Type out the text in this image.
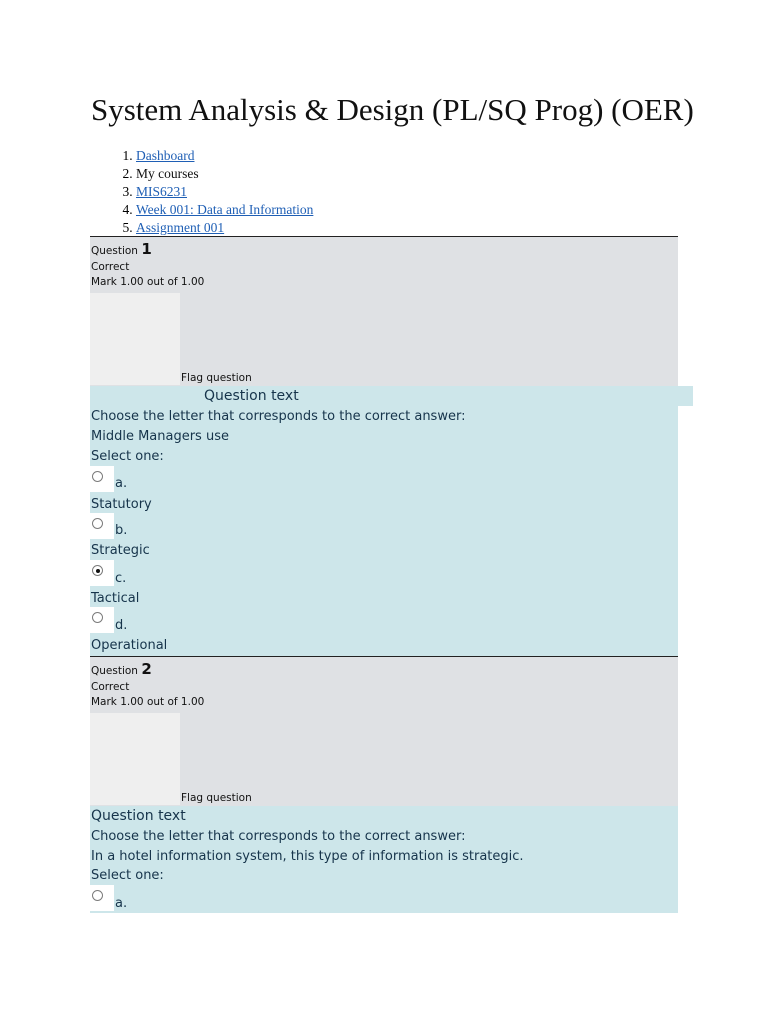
System Analysis & Design (PL/SQ Prog) (OER)
1. Dashboard
2. My courses
3. MIS6231
4. Week 001: Data and Information
5. Assignment 001
Question 1
Correct
Mark 1.00 out of 1.00
Flag question
Question text
Choose the letter that corresponds to the correct answer:
Middle Managers use
Select one:
a.
Statutory
b.
Strategic
c.
Tactical
d.
Operational
Question 2
Correct
Mark 1.00 out of 1.00
Flag question
Question text
Choose the letter that corresponds to the correct answer:
In a hotel information system, this type of information is strategic.
Select one:
a.
